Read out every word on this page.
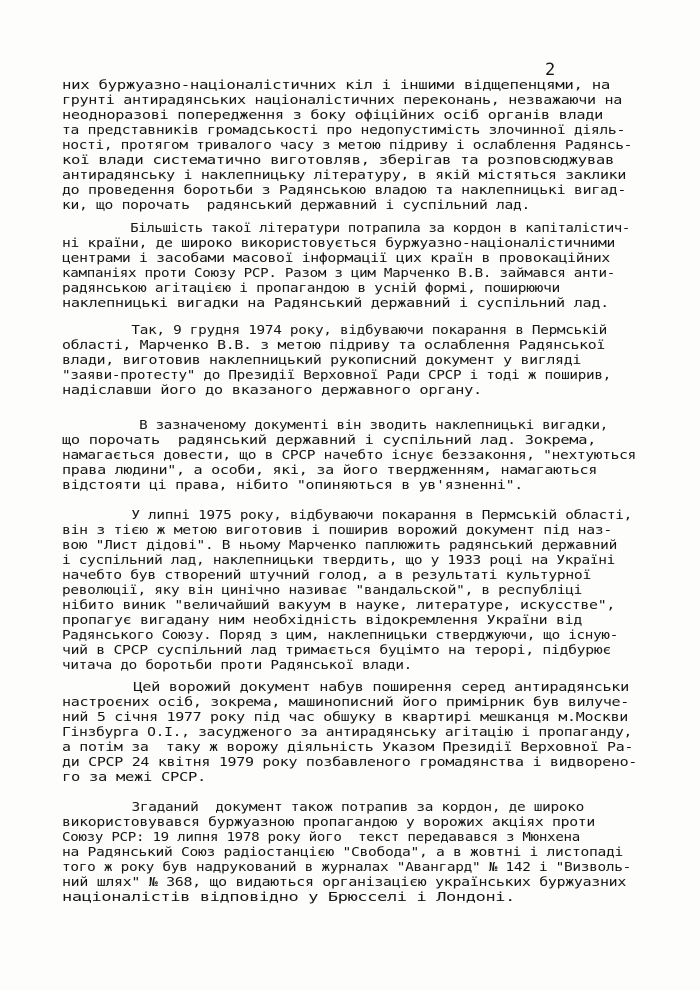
2
них буржуазно-націоналістичних кіл і іншими відщепенцями, на
грунті антирадянських націоналістичних переконань, незважаючи на
неодноразові попередження з боку офіційних осіб органів влади
та представників громадськості про недопустимість злочинної діяль-
ності, протягом тривалого часу з метою підриву і ослаблення Радянсь-
кої влади систематично виготовляв, зберігав та розповсюджував
антирадянську і наклепницьку літературу, в якій містяться заклики
до проведення боротьби з Радянською владою та наклепницькі вигад-
ки, що порочать  радянський державний і суспільний лад.
Більшість такої літератури потрапила за кордон в капіталістич-
ні країни, де широко використовується буржуазно-націоналістичними
центрами і засобами масової інформації цих країн в провокаційних
кампаніях проти Союзу РСР. Разом з цим Марченко В.В. займався анти-
радянською агітацією і пропагандою в усній формі, поширюючи
наклепницькі вигадки на Радянський державний і суспільний лад.
Так, 9 грудня 1974 року, відбуваючи покарання в Пермській
області, Марченко В.В. з метою підриву та ослаблення Радянської
влади, виготовив наклепницький рукописний документ у вигляді
"заяви-протесту" до Президії Верховної Ради СРСР і тоді ж поширив,
надіславши його до вказаного державного органу.
В зазначеному документі він зводить наклепницькі вигадки,
що порочать  радянський державний і суспільний лад. Зокрема,
намагається довести, що в СРСР начебто існує беззаконня, "нехтуються
права людини", а особи, які, за його твердженням, намагаються
відстояти ці права, нібито "опиняються в ув'язненні".
У липні 1975 року, відбуваючи покарання в Пермській області,
він з тією ж метою виготовив і поширив ворожий документ під наз-
вою "Лист дідові". В ньому Марченко паплюжить радянський державний
і суспільний лад, наклепницьки твердить, що у 1933 році на Україні
начебто був створений штучний голод, а в результаті культурної
революції, яку він цинічно називає "вандальской", в республіці
нібито виник "величайший вакуум в науке, литературе, искусстве",
пропагує вигадану ним необхідність відокремлення України від
Радянського Союзу. Поряд з цим, наклепницьки стверджуючи, що існую-
чий в СРСР суспільний лад тримається буцімто на терорі, підбурює
читача до боротьби проти Радянської влади.
Цей ворожий документ набув поширення серед антирадянськи
настроєних осіб, зокрема, машинописний його примірник був вилуче-
ний 5 січня 1977 року під час обшуку в квартирі мешканця м.Москви
Гінзбурга О.І., засудженого за антирадянську агітацію і пропаганду,
а потім за  таку ж ворожу діяльність Указом Президії Верховної Ра-
ди СРСР 24 квітня 1979 року позбавленого громадянства і видворено-
го за межі СРСР.
Згаданий  документ також потрапив за кордон, де широко
використовувався буржуазною пропагандою у ворожих акціях проти
Союзу РСР: 19 липня 1978 року його  текст передавався з Мюнхена
на Радянський Союз радіостанцією "Свобода", а в жовтні і листопаді
того ж року був надрукований в журналах "Авангард" № 142 і "Визволь-
ний шлях" № 368, що видаються організацією українських буржуазних
націоналістів відповідно у Брюсселі і Лондоні.
